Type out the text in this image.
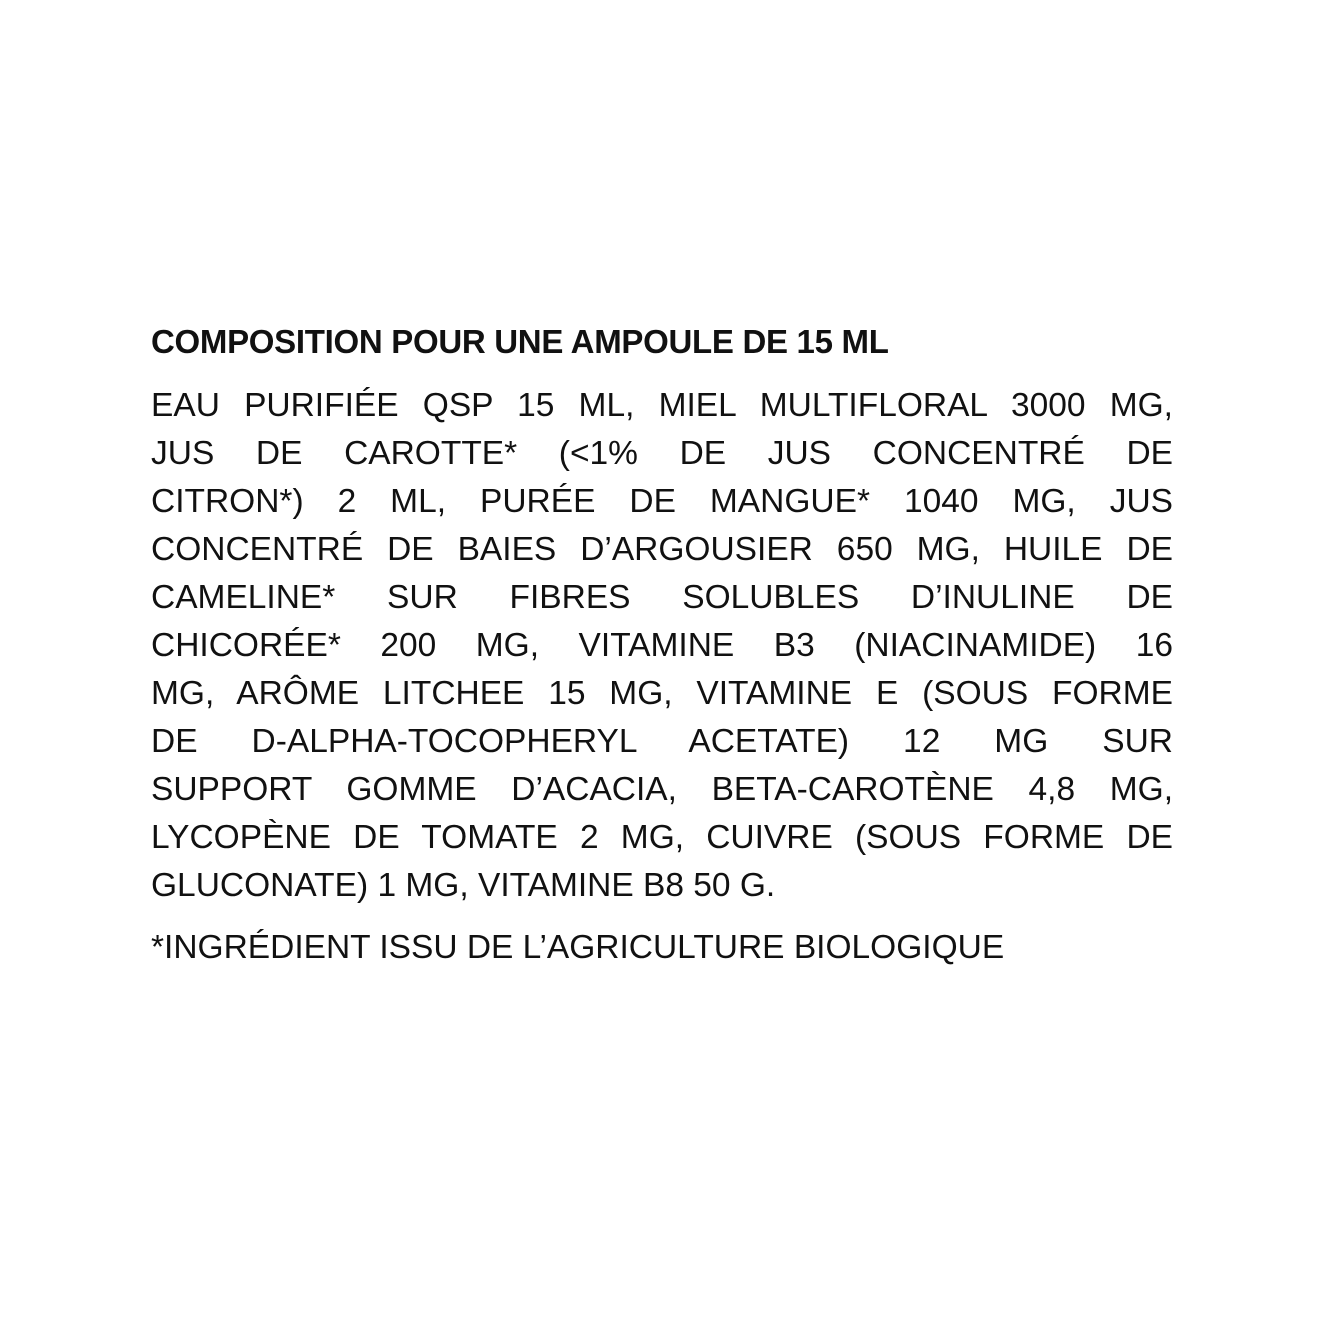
COMPOSITION POUR UNE AMPOULE DE 15 ML
EAU PURIFIÉE QSP 15 ML, MIEL MULTIFLORAL 3000 MG,
JUS DE CAROTTE* (<1% DE JUS CONCENTRÉ DE
CITRON*) 2 ML, PURÉE DE MANGUE* 1040 MG, JUS
CONCENTRÉ DE BAIES D’ARGOUSIER 650 MG, HUILE DE
CAMELINE* SUR FIBRES SOLUBLES D’INULINE DE
CHICORÉE* 200 MG, VITAMINE B3 (NIACINAMIDE) 16
MG, ARÔME LITCHEE 15 MG, VITAMINE E (SOUS FORME
DE D-ALPHA-TOCOPHERYL ACETATE) 12 MG SUR
SUPPORT GOMME D’ACACIA, BETA-CAROTÈNE 4,8 MG,
LYCOPÈNE DE TOMATE 2 MG, CUIVRE (SOUS FORME DE
GLUCONATE) 1 MG, VITAMINE B8 50 G.

*INGRÉDIENT ISSU DE L’AGRICULTURE BIOLOGIQUE
